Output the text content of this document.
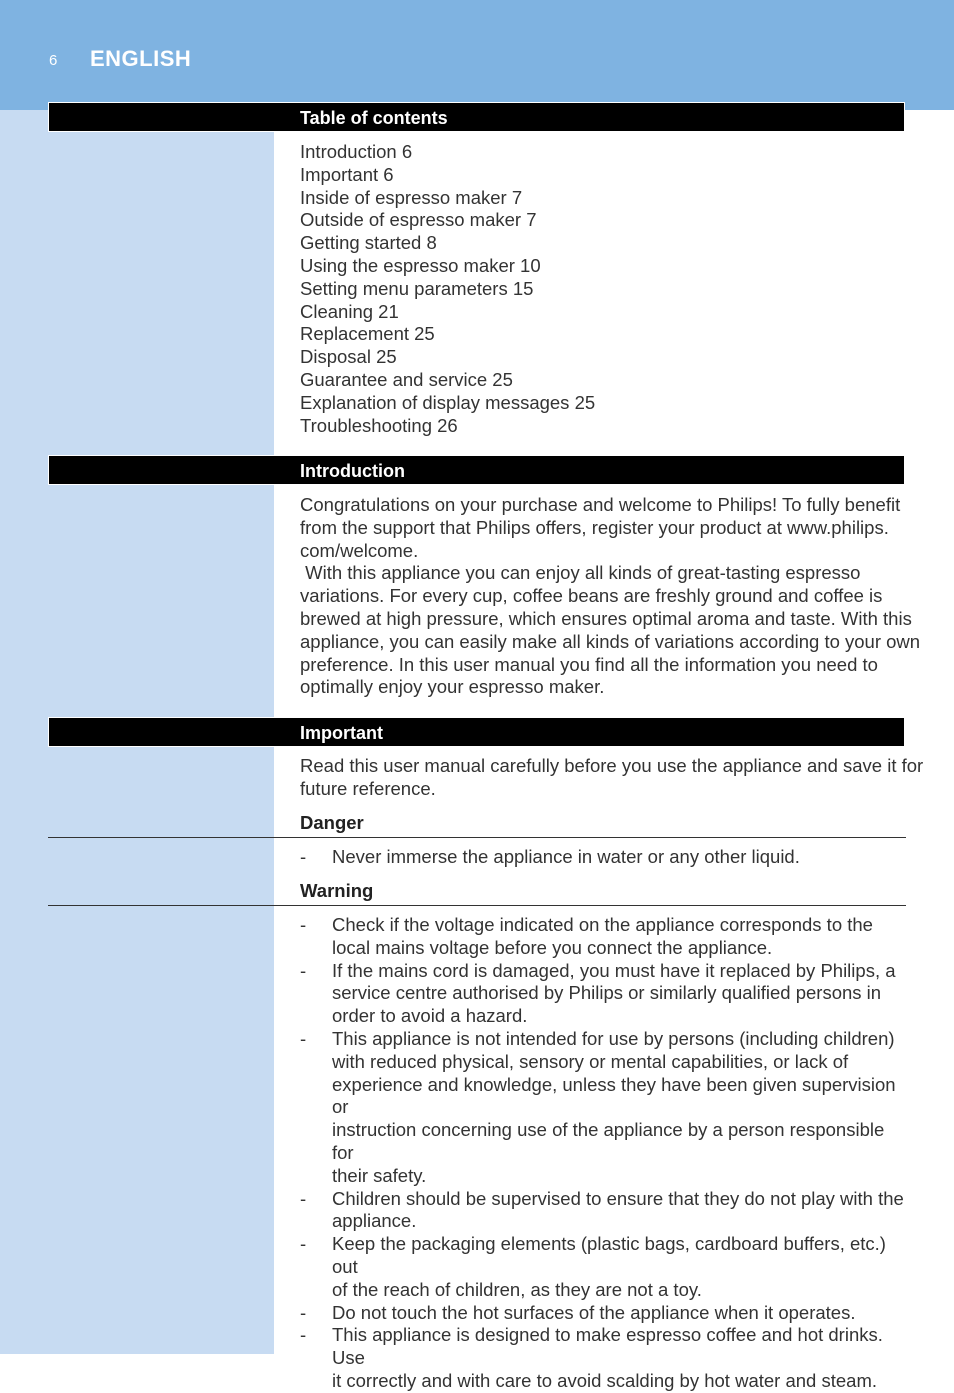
6 ENGLISH
Table of contents
Introduction 6
Important 6
Inside of espresso maker 7
Outside of espresso maker 7
Getting started 8
Using the espresso maker 10
Setting menu parameters 15
Cleaning 21
Replacement 25
Disposal 25
Guarantee and service 25
Explanation of display messages 25
Troubleshooting 26
Introduction
Congratulations on your purchase and welcome to Philips! To fully benefit
from the support that Philips offers, register your product at www.philips.
com/welcome.
With this appliance you can enjoy all kinds of great-tasting espresso
variations. For every cup, coffee beans are freshly ground and coffee is
brewed at high pressure, which ensures optimal aroma and taste. With this
appliance, you can easily make all kinds of variations according to your own
preference. In this user manual you find all the information you need to
optimally enjoy your espresso maker.
Important
Read this user manual carefully before you use the appliance and save it for
future reference.
Danger
- Never immerse the appliance in water or any other liquid.
Warning
- Check if the voltage indicated on the appliance corresponds to the
local mains voltage before you connect the appliance.
- If the mains cord is damaged, you must have it replaced by Philips, a
service centre authorised by Philips or similarly qualified persons in
order to avoid a hazard.
- This appliance is not intended for use by persons (including children)
with reduced physical, sensory or mental capabilities, or lack of
experience and knowledge, unless they have been given supervision or
instruction concerning use of the appliance by a person responsible for
their safety.
- Children should be supervised to ensure that they do not play with the
appliance.
- Keep the packaging elements (plastic bags, cardboard buffers, etc.) out
of the reach of children, as they are not a toy.
- Do not touch the hot surfaces of the appliance when it operates.
- This appliance is designed to make espresso coffee and hot drinks. Use
it correctly and with care to avoid scalding by hot water and steam.
